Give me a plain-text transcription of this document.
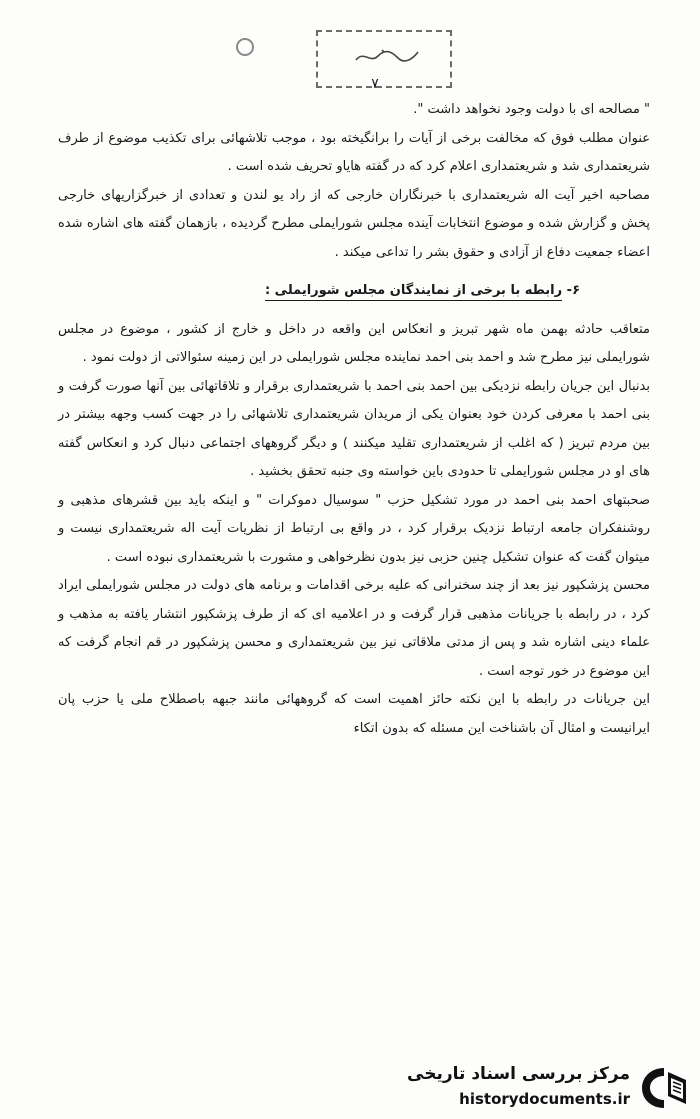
۷

" مصالحه ای با دولت وجود نخواهد داشت ".

عنوان مطلب فوق که مخالفت برخی از آیات را برانگیخته بود ، موجب تلاشهائی برای تکذیب موضوع از طرف شریعتمداری شد و شریعتمداری اعلام کرد که در گفته هایاو تحریف شده است .

مصاحبه اخیر آیت اله شریعتمداری با خبرنگاران خارجی که از راد یو لندن و تعدادی از خبرگزاریهای خارجی پخش و گزارش شده و موضوع انتخابات آینده مجلس شورایملی مطرح گردیده ، بازهمان گفته های اشاره شده اعضاء جمعیت دفاع از آزادی و حقوق بشر را تداعی میکند .

۶- رابطه با برخی از نمایندگان مجلس شورایملی :

متعاقب حادثه بهمن ماه شهر تبریز و انعکاس این واقعه در داخل و خارج از کشور ، موضوع در مجلس شورایملی نیز مطرح شد و احمد بنی احمد نماینده مجلس شورایملی در این زمینه سئوالاتی از دولت نمود .

بدنبال این جریان رابطه نزدیکی بین احمد بنی احمد با شریعتمداری برقرار و تلاقاتهائی بین آنها صورت گرفت و بنی احمد با معرفی کردن خود بعنوان یکی از مریدان شریعتمداری تلاشهائی را در جهت کسب وجهه بیشتر در بین مردم تبریز ( که اغلب از شریعتمداری تقلید میکنند ) و دیگر گروههای اجتماعی دنبال کرد و انعکاس گفته های او در مجلس شورایملی تا حدودی باین خواسته وی جنبه تحقق بخشید .

صحبتهای احمد بنی احمد در مورد تشکیل حزب " سوسیال دموکرات " و اینکه باید بین قشرهای مذهبی و روشنفکران جامعه ارتباط نزدیک برقرار کرد ، در واقع بی ارتباط از نظریات آیت اله شریعتمداری نیست و میتوان گفت که عنوان تشکیل چنین حزبی نیز بدون نظرخواهی و مشورت با شریعتمداری نبوده است .

محسن پزشکپور نیز بعد از چند سخنرانی که علیه برخی اقدامات و برنامه های دولت در مجلس شورایملی ایراد کرد ، در رابطه با جریانات مذهبی قرار گرفت و در اعلامیه ای که از طرف پزشکپور انتشار یافته به مذهب و علماء دینی اشاره شد و پس از مدتی ملاقاتی نیز بین شریعتمداری و محسن پزشکپور در قم انجام گرفت که این موضوع در خور توجه است .

این جریانات در رابطه با این نکته حائز اهمیت است که گروههائی مانند جبهه باصطلاح ملی یا حزب پان ایرانیست و امثال آن باشناخت این مسئله که بدون اتکاء

مرکز بررسی اسناد تاریخی
historydocuments.ir
